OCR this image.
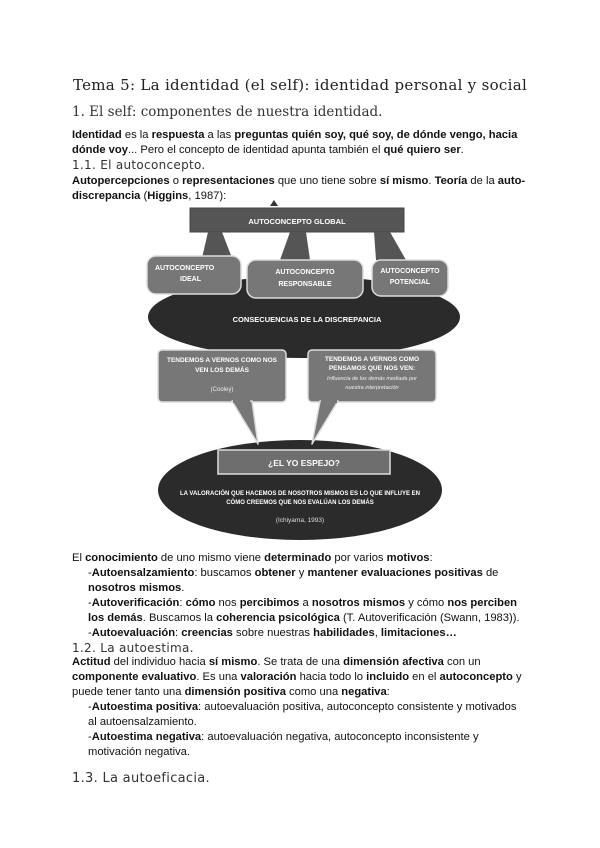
Tema 5: La identidad (el self): identidad personal y social
1. El self: componentes de nuestra identidad.
Identidad es la respuesta a las preguntas quién soy, qué soy, de dónde vengo, hacia dónde voy... Pero el concepto de identidad apunta también el qué quiero ser.
1.1. El autoconcepto.
Autopercepciones o representaciones que uno tiene sobre sí mismo. Teoría de la auto-discrepancia (Higgins, 1987):
AUTOCONCEPTO GLOBAL
AUTOCONCEPTO
IDEAL
AUTOCONCEPTO
RESPONSABLE
AUTOCONCEPTO
POTENCIAL
CONSECUENCIAS DE LA DISCREPANCIA
TENDEMOS A VERNOS COMO NOS
VEN LOS DEMÁS
(Cooley)
TENDEMOS A VERNOS COMO
PENSAMOS QUE NOS VEN:
Influencia de los demás mediada por
nuestra interpretación
¿EL YO ESPEJO?
LA VALORACIÓN QUE HACEMOS DE NOSOTROS MISMOS ES LO QUE INFLUYE EN
CÓMO CREEMOS QUE NOS EVALÚAN LOS DEMÁS
(Ichiyama, 1993)
El conocimiento de uno mismo viene determinado por varios motivos:
-Autoensalzamiento: buscamos obtener y mantener evaluaciones positivas de nosotros mismos.
-Autoverificación: cómo nos percibimos a nosotros mismos y cómo nos perciben los demás. Buscamos la coherencia psicológica (T. Autoverificación (Swann, 1983)).
-Autoevaluación: creencias sobre nuestras habilidades, limitaciones…
1.2. La autoestima.
Actitud del individuo hacia sí mismo. Se trata de una dimensión afectiva con un componente evaluativo. Es una valoración hacia todo lo incluido en el autoconcepto y puede tener tanto una dimensión positiva como una negativa:
-Autoestima positiva: autoevaluación positiva, autoconcepto consistente y motivados al autoensalzamiento.
-Autoestima negativa: autoevaluación negativa, autoconcepto inconsistente y motivación negativa.
1.3. La autoeficacia.
